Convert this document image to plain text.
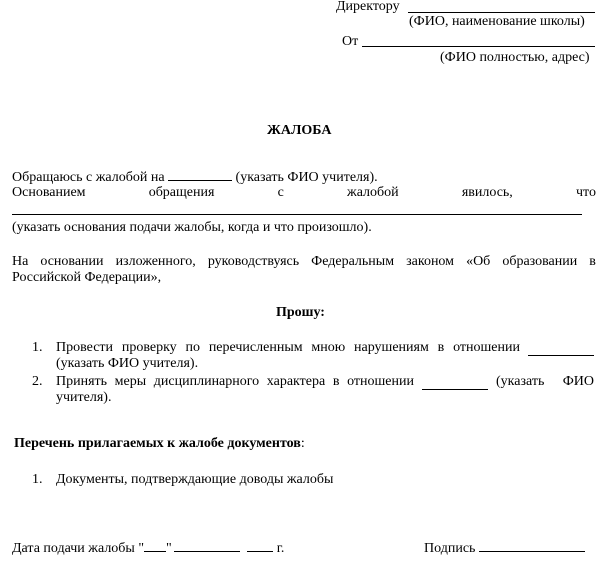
Директору
(ФИО, наименование школы)
От
(ФИО полностью, адрес)
ЖАЛОБА
Обращаюсь с жалобой на	(указать ФИО учителя).
Основанием	обращения	с	жалобой	явилось,	что
(указать основания подачи жалобы, когда и что произошло).
На основании изложенного, руководствуясь Федеральным законом «Об образовании в
Российской Федерации»,
Прошу:
1. Провести проверку по перечисленным мною нарушениям в отношении
(указать ФИО учителя).
2. Принять меры дисциплинарного характера в отношении	(указать ФИО
учителя).
Перечень прилагаемых к жалобе документов:
1. Документы, подтверждающие доводы жалобы
Дата подачи жалобы " "	г.	Подпись
